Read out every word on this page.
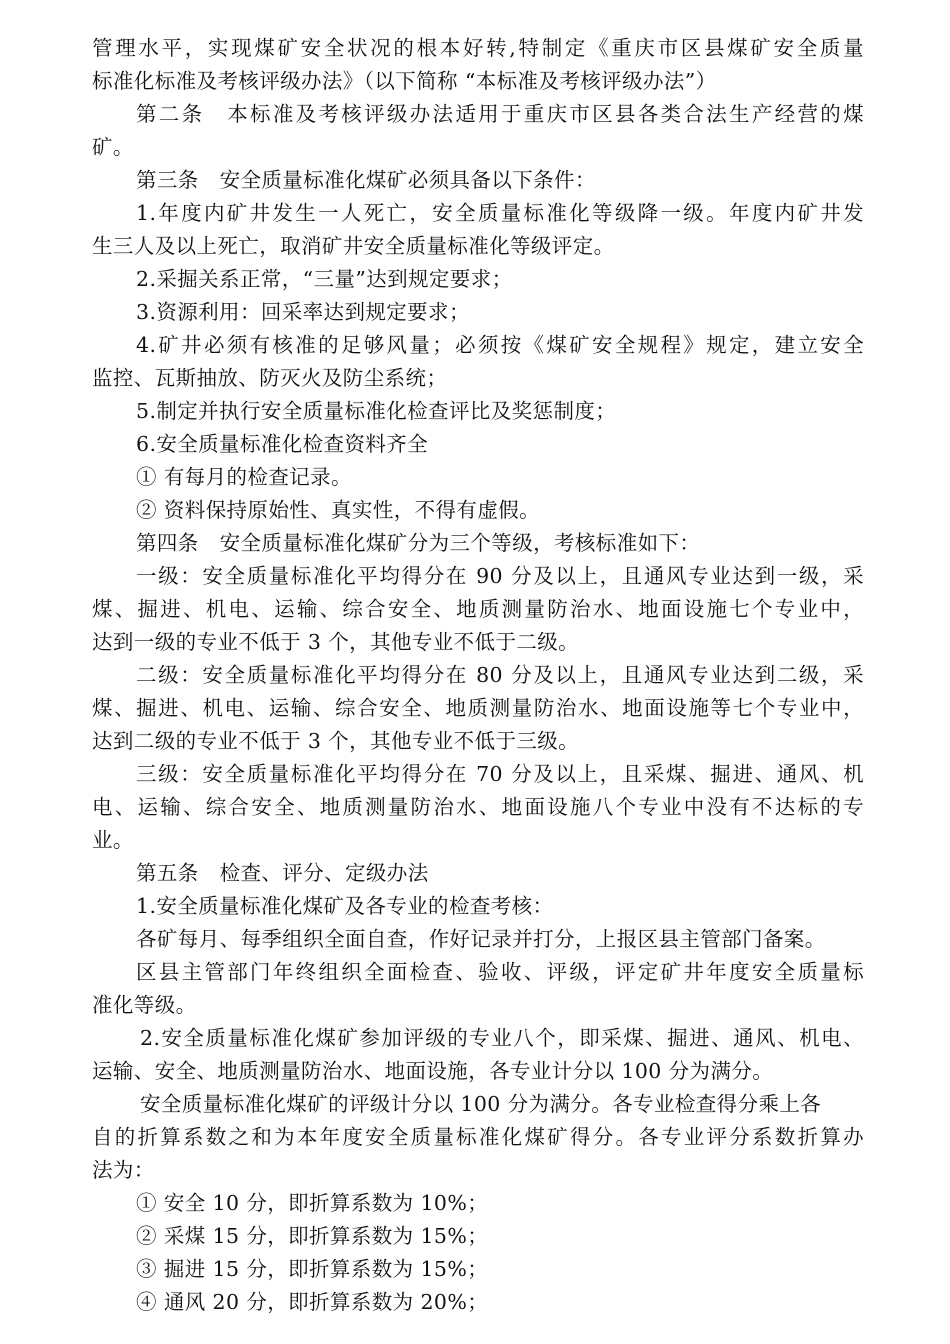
管理水平，实现煤矿安全状况的根本好转,特制定《重庆市区县煤矿安全质量
标准化标准及考核评级办法》（以下简称 “本标准及考核评级办法”）
第二条　本标准及考核评级办法适用于重庆市区县各类合法生产经营的煤
矿。
第三条　安全质量标准化煤矿必须具备以下条件：
1.年度内矿井发生一人死亡，安全质量标准化等级降一级。年度内矿井发
生三人及以上死亡，取消矿井安全质量标准化等级评定。
2.采掘关系正常，“三量”达到规定要求；
3.资源利用：回采率达到规定要求；
4.矿井必须有核准的足够风量；必须按《煤矿安全规程》规定，建立安全
监控、瓦斯抽放、防灭火及防尘系统；
5.制定并执行安全质量标准化检查评比及奖惩制度；
6.安全质量标准化检查资料齐全
① 有每月的检查记录。
② 资料保持原始性、真实性，不得有虚假。
第四条　安全质量标准化煤矿分为三个等级，考核标准如下：
一级：安全质量标准化平均得分在 90 分及以上，且通风专业达到一级，采
煤、掘进、机电、运输、综合安全、地质测量防治水、地面设施七个专业中，
达到一级的专业不低于 3 个，其他专业不低于二级。
二级：安全质量标准化平均得分在 80 分及以上，且通风专业达到二级，采
煤、掘进、机电、运输、综合安全、地质测量防治水、地面设施等七个专业中，
达到二级的专业不低于 3 个，其他专业不低于三级。
三级：安全质量标准化平均得分在 70 分及以上，且采煤、掘进、通风、机
电、运输、综合安全、地质测量防治水、地面设施八个专业中没有不达标的专
业。
第五条　检查、评分、定级办法
1.安全质量标准化煤矿及各专业的检查考核：
各矿每月、每季组织全面自查，作好记录并打分，上报区县主管部门备案。
区县主管部门年终组织全面检查、验收、评级，评定矿井年度安全质量标
准化等级。
2.安全质量标准化煤矿参加评级的专业八个，即采煤、掘进、通风、机电、
运输、安全、地质测量防治水、地面设施，各专业计分以 100 分为满分。
安全质量标准化煤矿的评级计分以 100 分为满分。各专业检查得分乘上各
自的折算系数之和为本年度安全质量标准化煤矿得分。各专业评分系数折算办
法为：
① 安全 10 分，即折算系数为 10%；
② 采煤 15 分，即折算系数为 15%；
③ 掘进 15 分，即折算系数为 15%；
④ 通风 20 分，即折算系数为 20%；
